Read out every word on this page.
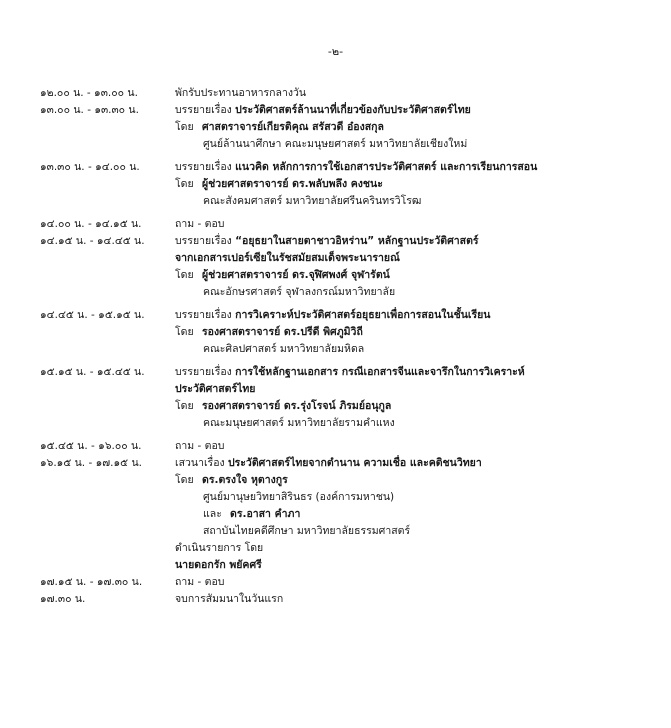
-๒-
๑๒.๐๐ น. - ๑๓.๐๐ น.	พักรับประทานอาหารกลางวัน
๑๓.๐๐ น. - ๑๓.๓๐ น.	บรรยายเรื่อง ประวัติศาสตร์ล้านนาที่เกี่ยวข้องกับประวัติศาสตร์ไทย
โดย ศาสตราจารย์เกียรติคุณ สรัสวดี อ๋องสกุล
ศูนย์ล้านนาศึกษา คณะมนุษยศาสตร์ มหาวิทยาลัยเชียงใหม่
๑๓.๓๐ น. - ๑๔.๐๐ น.	บรรยายเรื่อง แนวคิด หลักการการใช้เอกสารประวัติศาสตร์ และการเรียนการสอน
โดย ผู้ช่วยศาสตราจารย์ ดร.พลับพลึง คงชนะ
คณะสังคมศาสตร์ มหาวิทยาลัยศรีนครินทรวิโรฒ
๑๔.๐๐ น. - ๑๔.๑๕ น.	ถาม - ตอบ
๑๔.๑๕ น. - ๑๔.๔๕ น.	บรรยายเรื่อง “อยุธยาในสายตาชาวอิหร่าน” หลักฐานประวัติศาสตร์
จากเอกสารเปอร์เซียในรัชสมัยสมเด็จพระนารายณ์
โดย ผู้ช่วยศาสตราจารย์ ดร.จุฬิศพงศ์ จุฬารัตน์
คณะอักษรศาสตร์ จุฬาลงกรณ์มหาวิทยาลัย
๑๔.๔๕ น. - ๑๕.๑๕ น.	บรรยายเรื่อง การวิเคราะห์ประวัติศาสตร์อยุธยาเพื่อการสอนในชั้นเรียน
โดย รองศาสตราจารย์ ดร.ปรีดี พิศภูมิวิถี
คณะศิลปศาสตร์ มหาวิทยาลัยมหิดล
๑๕.๑๕ น. - ๑๕.๔๕ น.	บรรยายเรื่อง การใช้หลักฐานเอกสาร กรณีเอกสารจีนและจารึกในการวิเคราะห์
ประวัติศาสตร์ไทย
โดย รองศาสตราจารย์ ดร.รุ่งโรจน์ ภิรมย์อนุกูล
คณะมนุษยศาสตร์ มหาวิทยาลัยรามคำแหง
๑๕.๔๕ น. - ๑๖.๐๐ น.	ถาม - ตอบ
๑๖.๑๕ น. - ๑๗.๑๕ น.	เสวนาเรื่อง ประวัติศาสตร์ไทยจากตำนาน ความเชื่อ และคติชนวิทยา
โดย ดร.ตรงใจ หุตางกูร
ศูนย์มานุษยวิทยาสิรินธร (องค์การมหาชน)
และ ดร.อาสา คำภา
สถาบันไทยคดีศึกษา มหาวิทยาลัยธรรมศาสตร์
ดำเนินรายการ โดย
นายดอกรัก พยัคศรี
๑๗.๑๕ น. - ๑๗.๓๐ น.	ถาม - ตอบ
๑๗.๓๐ น.	จบการสัมมนาในวันแรก
